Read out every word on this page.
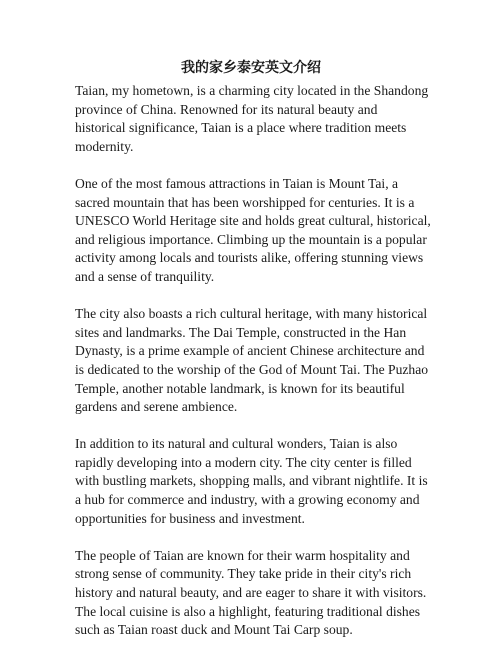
我的家乡泰安英文介绍

Taian, my hometown, is a charming city located in the Shandong province of China. Renowned for its natural beauty and historical significance, Taian is a place where tradition meets modernity.

One of the most famous attractions in Taian is Mount Tai, a sacred mountain that has been worshipped for centuries. It is a UNESCO World Heritage site and holds great cultural, historical, and religious importance. Climbing up the mountain is a popular activity among locals and tourists alike, offering stunning views and a sense of tranquility.

The city also boasts a rich cultural heritage, with many historical sites and landmarks. The Dai Temple, constructed in the Han Dynasty, is a prime example of ancient Chinese architecture and is dedicated to the worship of the God of Mount Tai. The Puzhao Temple, another notable landmark, is known for its beautiful gardens and serene ambience.

In addition to its natural and cultural wonders, Taian is also rapidly developing into a modern city. The city center is filled with bustling markets, shopping malls, and vibrant nightlife. It is a hub for commerce and industry, with a growing economy and opportunities for business and investment.

The people of Taian are known for their warm hospitality and strong sense of community. They take pride in their city's rich history and natural beauty, and are eager to share it with visitors. The local cuisine is also a highlight, featuring traditional dishes such as Taian roast duck and Mount Tai Carp soup.
